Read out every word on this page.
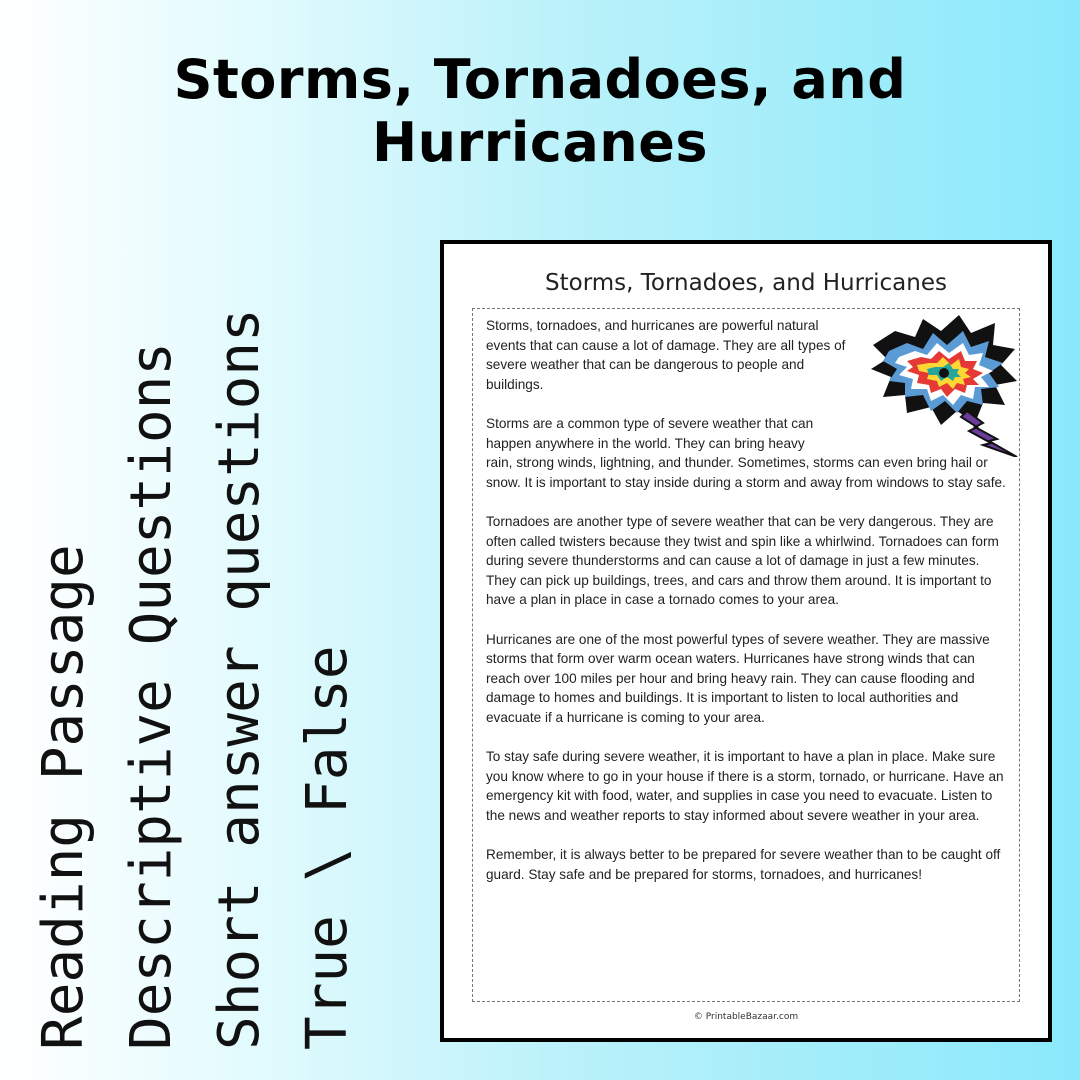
Storms, Tornadoes, and Hurricanes
Reading Passage Descriptive Questions Short answer questions True \ False
Storms, Tornadoes, and Hurricanes

Storms, tornadoes, and hurricanes are powerful natural events that can cause a lot of damage. They are all types of severe weather that can be dangerous to people and buildings.

Storms are a common type of severe weather that can happen anywhere in the world. They can bring heavy
rain, strong winds, lightning, and thunder. Sometimes, storms can even bring hail or snow. It is important to stay inside during a storm and away from windows to stay safe.

Tornadoes are another type of severe weather that can be very dangerous. They are often called twisters because they twist and spin like a whirlwind. Tornadoes can form during severe thunderstorms and can cause a lot of damage in just a few minutes. They can pick up buildings, trees, and cars and throw them around. It is important to have a plan in place in case a tornado comes to your area.

Hurricanes are one of the most powerful types of severe weather. They are massive storms that form over warm ocean waters. Hurricanes have strong winds that can reach over 100 miles per hour and bring heavy rain. They can cause flooding and damage to homes and buildings. It is important to listen to local authorities and evacuate if a hurricane is coming to your area.

To stay safe during severe weather, it is important to have a plan in place. Make sure you know where to go in your house if there is a storm, tornado, or hurricane. Have an emergency kit with food, water, and supplies in case you need to evacuate. Listen to the news and weather reports to stay informed about severe weather in your area.

Remember, it is always better to be prepared for severe weather than to be caught off guard. Stay safe and be prepared for storms, tornadoes, and hurricanes!

© PrintableBazaar.com
